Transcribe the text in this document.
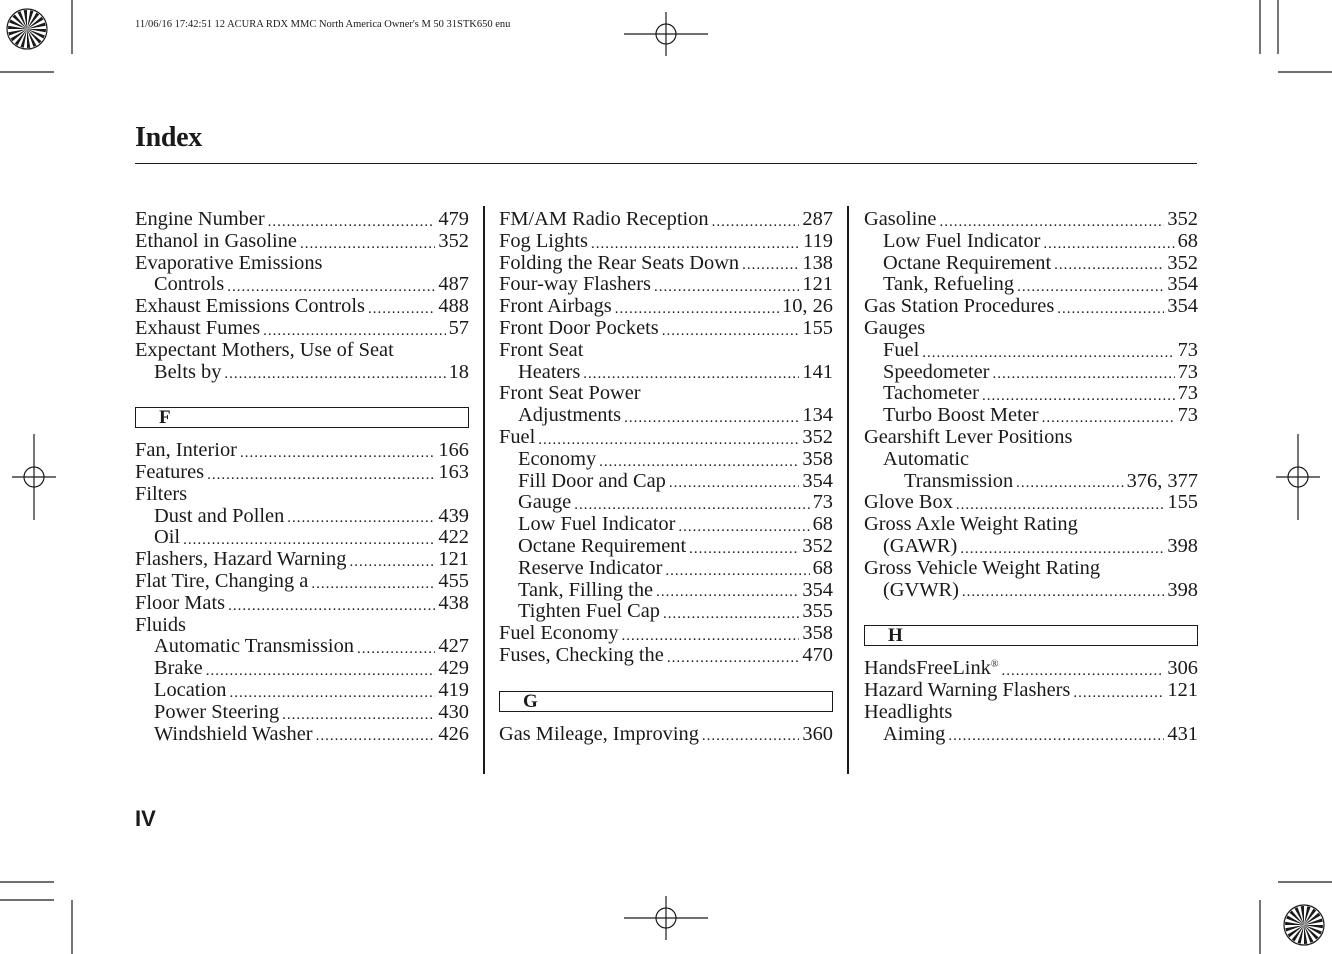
11/06/16 17:42:51 12 ACURA RDX MMC North America Owner's M 50 31STK650 enu
Index
Engine Number .....	479
Ethanol in Gasoline .....	352
Evaporative Emissions
Controls .....	487
Exhaust Emissions Controls .....	488
Exhaust Fumes .....	57
Expectant Mothers, Use of Seat
Belts by .....	18
F
Fan, Interior .....	166
Features .....	163
Filters
Dust and Pollen .....	439
Oil .....	422
Flashers, Hazard Warning .....	121
Flat Tire, Changing a .....	455
Floor Mats .....	438
Fluids
Automatic Transmission .....	427
Brake .....	429
Location .....	419
Power Steering .....	430
Windshield Washer .....	426
FM/AM Radio Reception .....	287
Fog Lights .....	119
Folding the Rear Seats Down .....	138
Four-way Flashers .....	121
Front Airbags .....	10, 26
Front Door Pockets .....	155
Front Seat
Heaters .....	141
Front Seat Power
Adjustments .....	134
Fuel .....	352
Economy .....	358
Fill Door and Cap .....	354
Gauge .....	73
Low Fuel Indicator .....	68
Octane Requirement .....	352
Reserve Indicator .....	68
Tank, Filling the .....	354
Tighten Fuel Cap .....	355
Fuel Economy .....	358
Fuses, Checking the .....	470
G
Gas Mileage, Improving .....	360
Gasoline .....	352
Low Fuel Indicator .....	68
Octane Requirement .....	352
Tank, Refueling .....	354
Gas Station Procedures .....	354
Gauges
Fuel .....	73
Speedometer .....	73
Tachometer .....	73
Turbo Boost Meter .....	73
Gearshift Lever Positions
Automatic
Transmission .....	376, 377
Glove Box .....	155
Gross Axle Weight Rating
(GAWR) .....	398
Gross Vehicle Weight Rating
(GVWR) .....	398
H
HandsFreeLink® .....	306
Hazard Warning Flashers .....	121
Headlights
Aiming .....	431
IV
